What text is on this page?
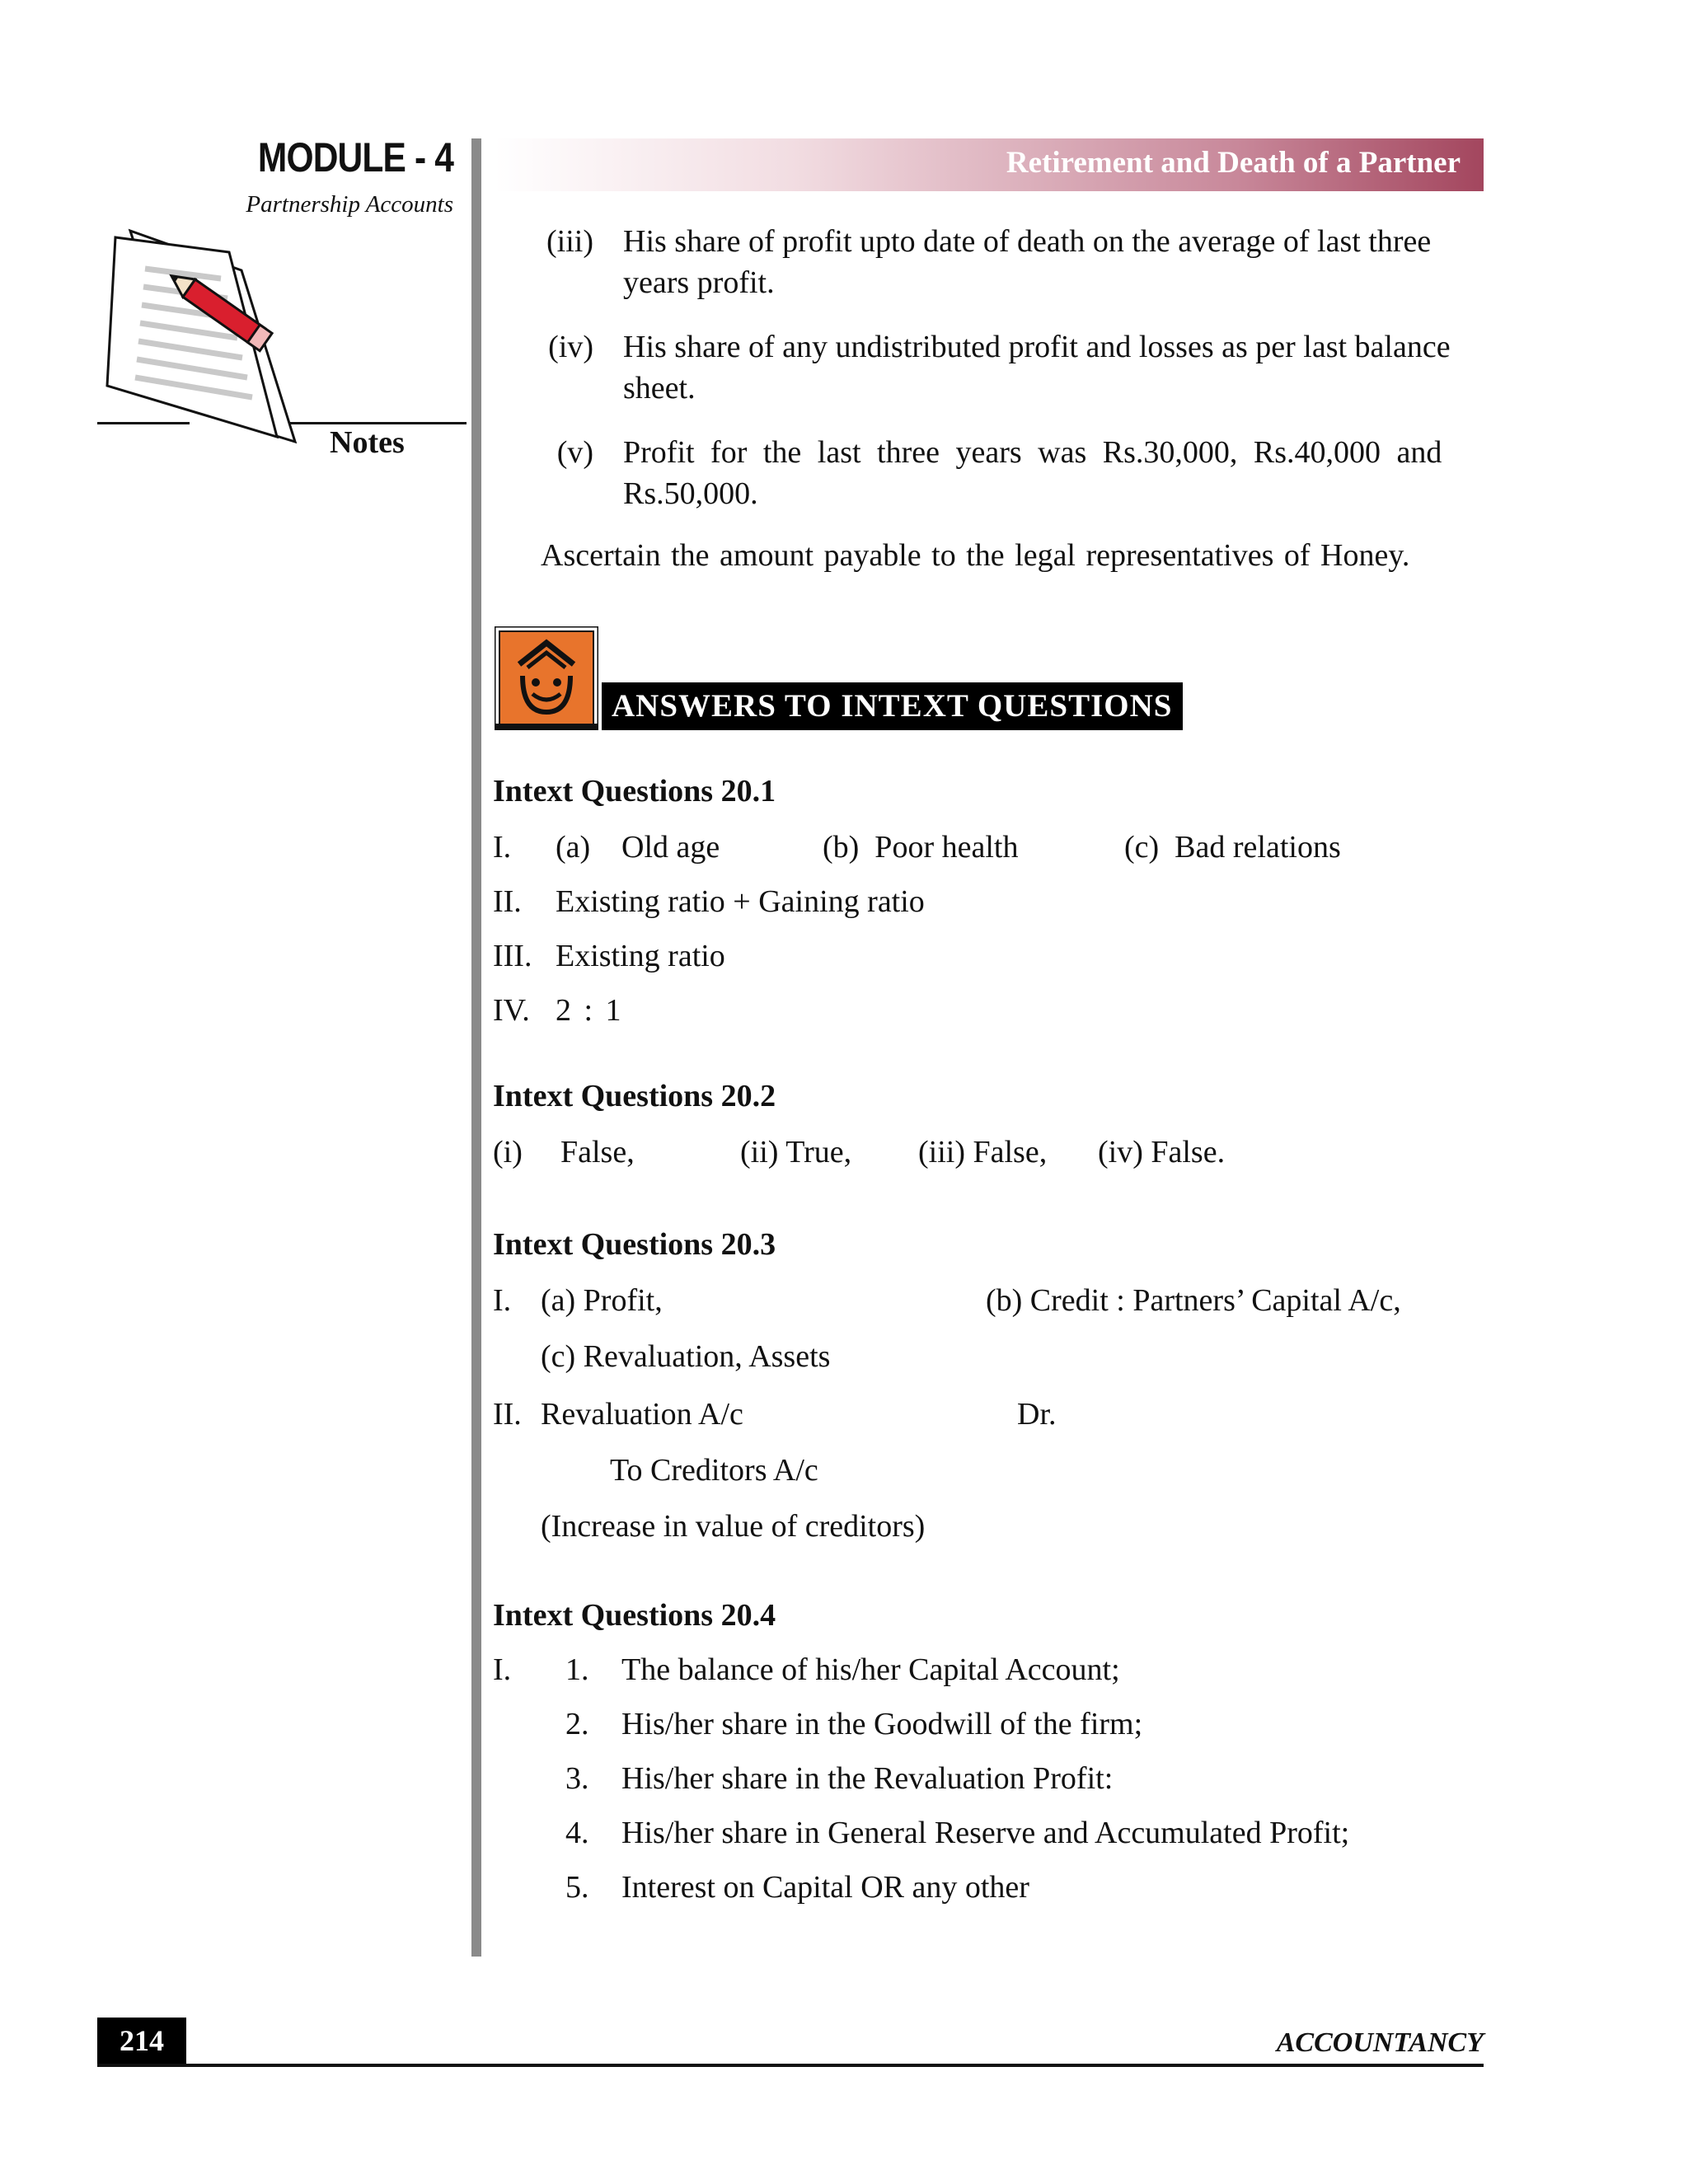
MODULE - 4
Partnership Accounts
Notes
Retirement and Death of a Partner
(iii) His share of profit upto date of death on the average of last three
years profit.
(iv) His share of any undistributed profit and losses as per last balance
sheet.
(v) Profit for the last three years was Rs.30,000, Rs.40,000 and
Rs.50,000.
Ascertain the amount payable to the legal representatives of Honey.
ANSWERS TO INTEXT QUESTIONS
Intext Questions 20.1
I. (a) Old age	(b)  Poor health	(c)  Bad relations
II. Existing ratio + Gaining ratio
III. Existing ratio
IV. 2 : 1
Intext Questions 20.2
(i) False,	(ii) True, (iii) False, (iv) False.
Intext Questions 20.3
I. (a) Profit,	(b) Credit : Partners’ Capital A/c,
(c) Revaluation, Assets
II. Revaluation A/c	Dr.
To Creditors A/c
(Increase in value of creditors)
Intext Questions 20.4
I. 1. The balance of his/her Capital Account;
2. His/her share in the Goodwill of the firm;
3. His/her share in the Revaluation Profit:
4. His/her share in General Reserve and Accumulated Profit;
5. Interest on Capital OR any other
214	ACCOUNTANCY
